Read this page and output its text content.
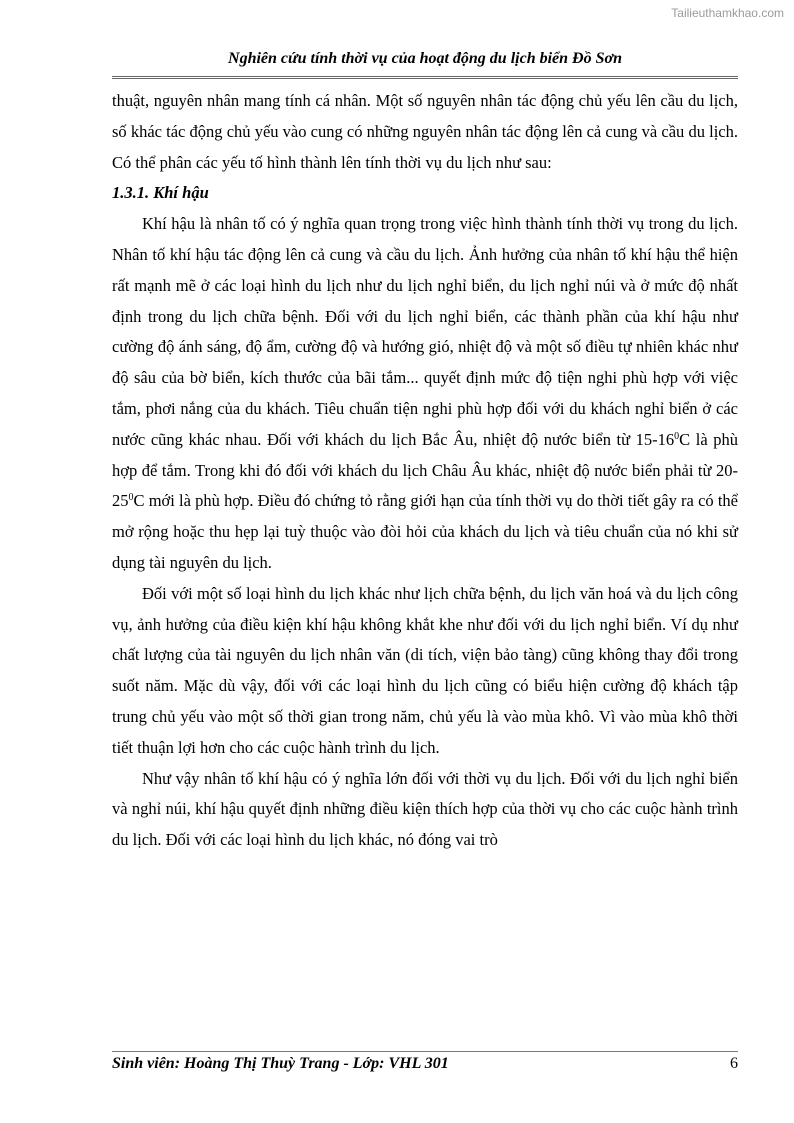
Tailieuthamkhao.com
Nghiên cứu tính thời vụ của hoạt động du lịch biển Đồ Sơn

thuật, nguyên nhân mang tính cá nhân. Một số nguyên nhân tác động chủ yếu lên cầu du lịch, số khác tác động chủ yếu vào cung có những nguyên nhân tác động lên cả cung và cầu du lịch. Có thể phân các yếu tố hình thành lên tính thời vụ du lịch như sau:

1.3.1. Khí hậu

Khí hậu là nhân tố có ý nghĩa quan trọng trong việc hình thành tính thời vụ trong du lịch. Nhân tố khí hậu tác động lên cả cung và cầu du lịch. Ảnh hưởng của nhân tố khí hậu thể hiện rất mạnh mẽ ở các loại hình du lịch như du lịch nghỉ biển, du lịch nghỉ núi và ở mức độ nhất định trong du lịch chữa bệnh. Đối với du lịch nghỉ biển, các thành phần của khí hậu như cường độ ánh sáng, độ ẩm, cường độ và hướng gió, nhiệt độ và một số điều tự nhiên khác như độ sâu của bờ biển, kích thước của bãi tắm... quyết định mức độ tiện nghi phù hợp với việc tắm, phơi nắng của du khách. Tiêu chuẩn tiện nghi phù hợp đối với du khách nghỉ biển ở các nước cũng khác nhau. Đối với khách du lịch Bắc Âu, nhiệt độ nước biển từ $15-16^0C$ là phù hợp để tắm. Trong khi đó đối với khách du lịch Châu Âu khác, nhiệt độ nước biển phải từ $20-25^0C$ mới là phù hợp. Điều đó chứng tỏ rằng giới hạn của tính thời vụ do thời tiết gây ra có thể mở rộng hoặc thu hẹp lại tuỳ thuộc vào đòi hỏi của khách du lịch và tiêu chuẩn của nó khi sử dụng tài nguyên du lịch.

Đối với một số loại hình du lịch khác như lịch chữa bệnh, du lịch văn hoá và du lịch công vụ, ảnh hưởng của điều kiện khí hậu không khắt khe như đối với du lịch nghỉ biển. Ví dụ như chất lượng của tài nguyên du lịch nhân văn (di tích, viện bảo tàng) cũng không thay đổi trong suốt năm. Mặc dù vậy, đối với các loại hình du lịch cũng có biểu hiện cường độ khách tập trung chủ yếu vào một số thời gian trong năm, chủ yếu là vào mùa khô. Vì vào mùa khô thời tiết thuận lợi hơn cho các cuộc hành trình du lịch.

Như vậy nhân tố khí hậu có ý nghĩa lớn đối với thời vụ du lịch. Đối với du lịch nghỉ biển và nghỉ núi, khí hậu quyết định những điều kiện thích hợp của thời vụ cho các cuộc hành trình du lịch. Đối với các loại hình du lịch khác, nó đóng vai trò

Sinh viên: Hoàng Thị Thuỳ Trang - Lớp: VHL 301	6
